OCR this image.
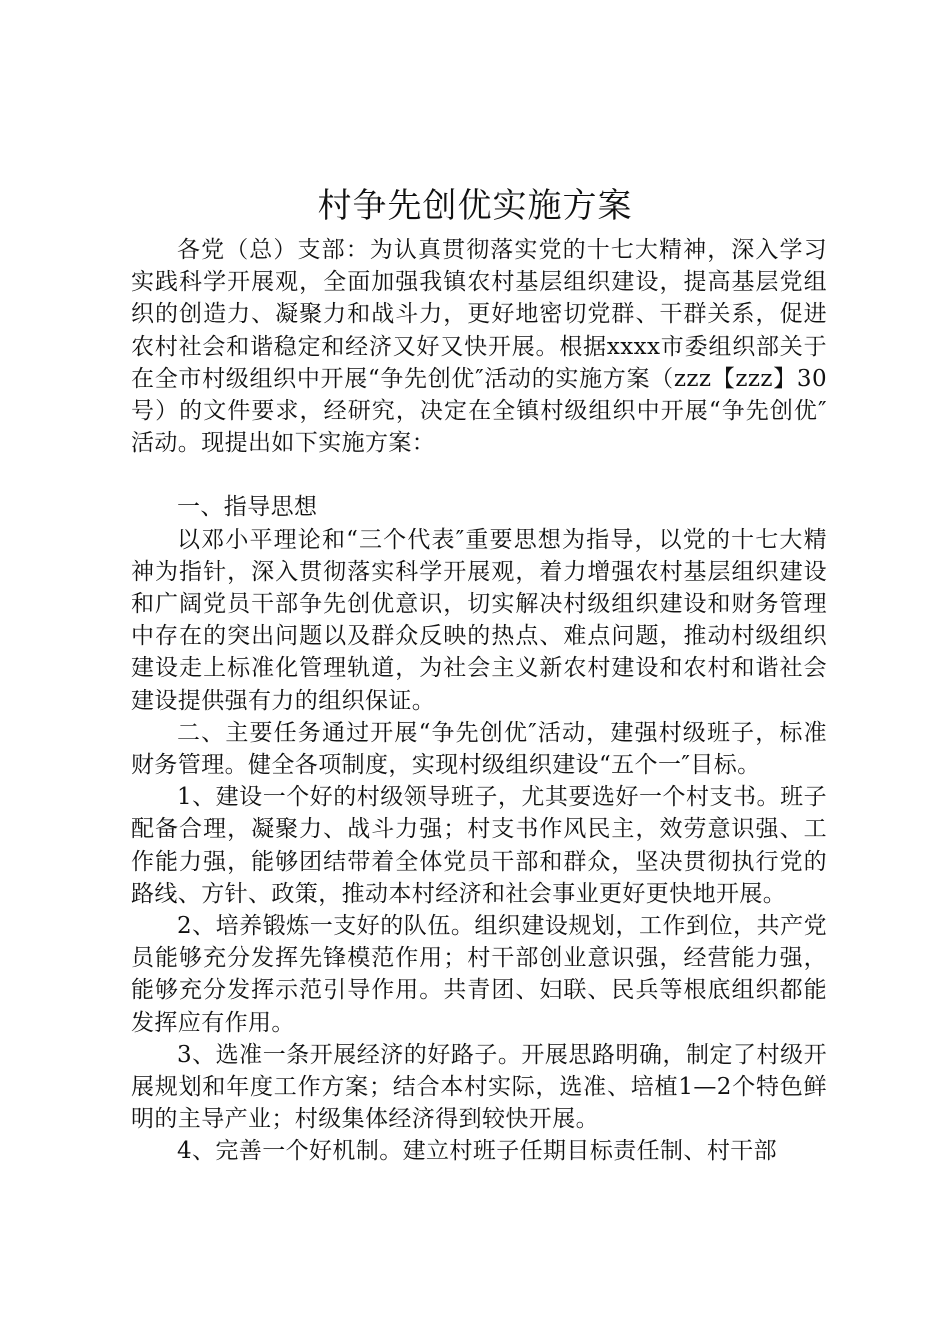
村争先创优实施方案

各党（总）支部：为认真贯彻落实党的十七大精神，深入学习实践科学开展观，全面加强我镇农村基层组织建设，提高基层党组织的创造力、凝聚力和战斗力，更好地密切党群、干群关系，促进农村社会和谐稳定和经济又好又快开展。根据xxxx市委组织部关于在全市村级组织中开展“争先创优″活动的实施方案（zzz【zzz】30号）的文件要求，经研究，决定在全镇村级组织中开展“争先创优″活动。现提出如下实施方案：

一、指导思想

以邓小平理论和“三个代表″重要思想为指导，以党的十七大精神为指针，深入贯彻落实科学开展观，着力增强农村基层组织建设和广阔党员干部争先创优意识，切实解决村级组织建设和财务管理中存在的突出问题以及群众反映的热点、难点问题，推动村级组织建设走上标准化管理轨道，为社会主义新农村建设和农村和谐社会建设提供强有力的组织保证。

二、主要任务通过开展“争先创优″活动，建强村级班子，标准财务管理。健全各项制度，实现村级组织建设“五个一″目标。

1、建设一个好的村级领导班子，尤其要选好一个村支书。班子配备合理，凝聚力、战斗力强；村支书作风民主，效劳意识强、工作能力强，能够团结带着全体党员干部和群众，坚决贯彻执行党的路线、方针、政策，推动本村经济和社会事业更好更快地开展。

2、培养锻炼一支好的队伍。组织建设规划，工作到位，共产党员能够充分发挥先锋模范作用；村干部创业意识强，经营能力强，能够充分发挥示范引导作用。共青团、妇联、民兵等根底组织都能发挥应有作用。

3、选准一条开展经济的好路子。开展思路明确，制定了村级开展规划和年度工作方案；结合本村实际，选准、培植1—2个特色鲜明的主导产业；村级集体经济得到较快开展。

4、完善一个好机制。建立村班子任期目标责任制、村干部
